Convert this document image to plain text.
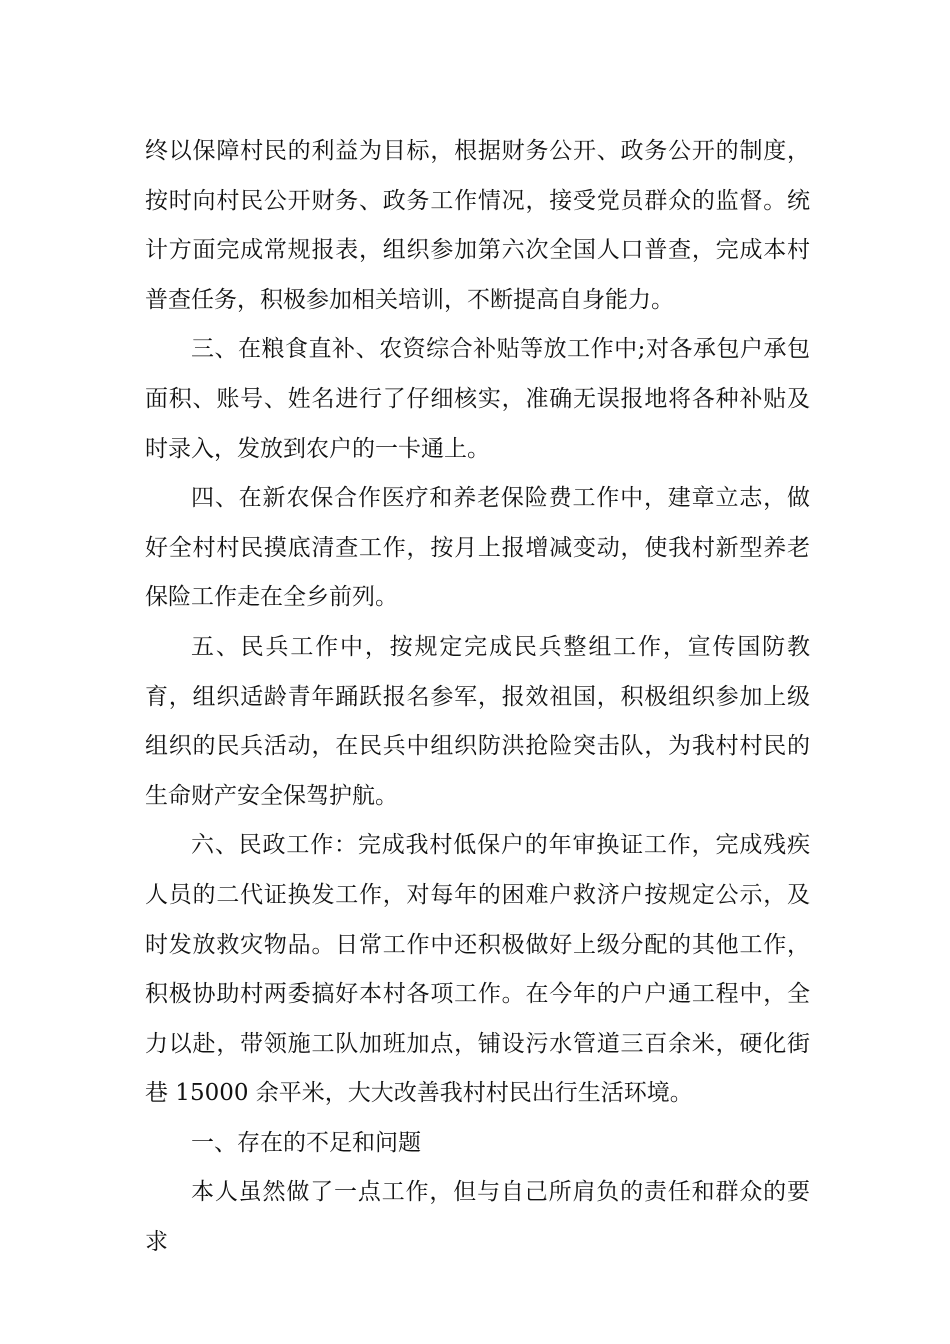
终以保障村民的利益为目标，根据财务公开、政务公开的制度，按时向村民公开财务、政务工作情况，接受党员群众的监督。统计方面完成常规报表，组织参加第六次全国人口普查，完成本村普查任务，积极参加相关培训，不断提高自身能力。

三、在粮食直补、农资综合补贴等放工作中;对各承包户承包面积、账号、姓名进行了仔细核实，准确无误报地将各种补贴及时录入，发放到农户的一卡通上。

四、在新农保合作医疗和养老保险费工作中，建章立志，做好全村村民摸底清查工作，按月上报增减变动，使我村新型养老保险工作走在全乡前列。

五、民兵工作中，按规定完成民兵整组工作，宣传国防教育，组织适龄青年踊跃报名参军，报效祖国，积极组织参加上级组织的民兵活动，在民兵中组织防洪抢险突击队，为我村村民的生命财产安全保驾护航。

六、民政工作：完成我村低保户的年审换证工作，完成残疾人员的二代证换发工作，对每年的困难户救济户按规定公示，及时发放救灾物品。日常工作中还积极做好上级分配的其他工作，积极协助村两委搞好本村各项工作。在今年的户户通工程中，全力以赴，带领施工队加班加点，铺设污水管道三百余米，硬化街巷 15000 余平米，大大改善我村村民出行生活环境。

一、存在的不足和问题

本人虽然做了一点工作，但与自己所肩负的责任和群众的要求
